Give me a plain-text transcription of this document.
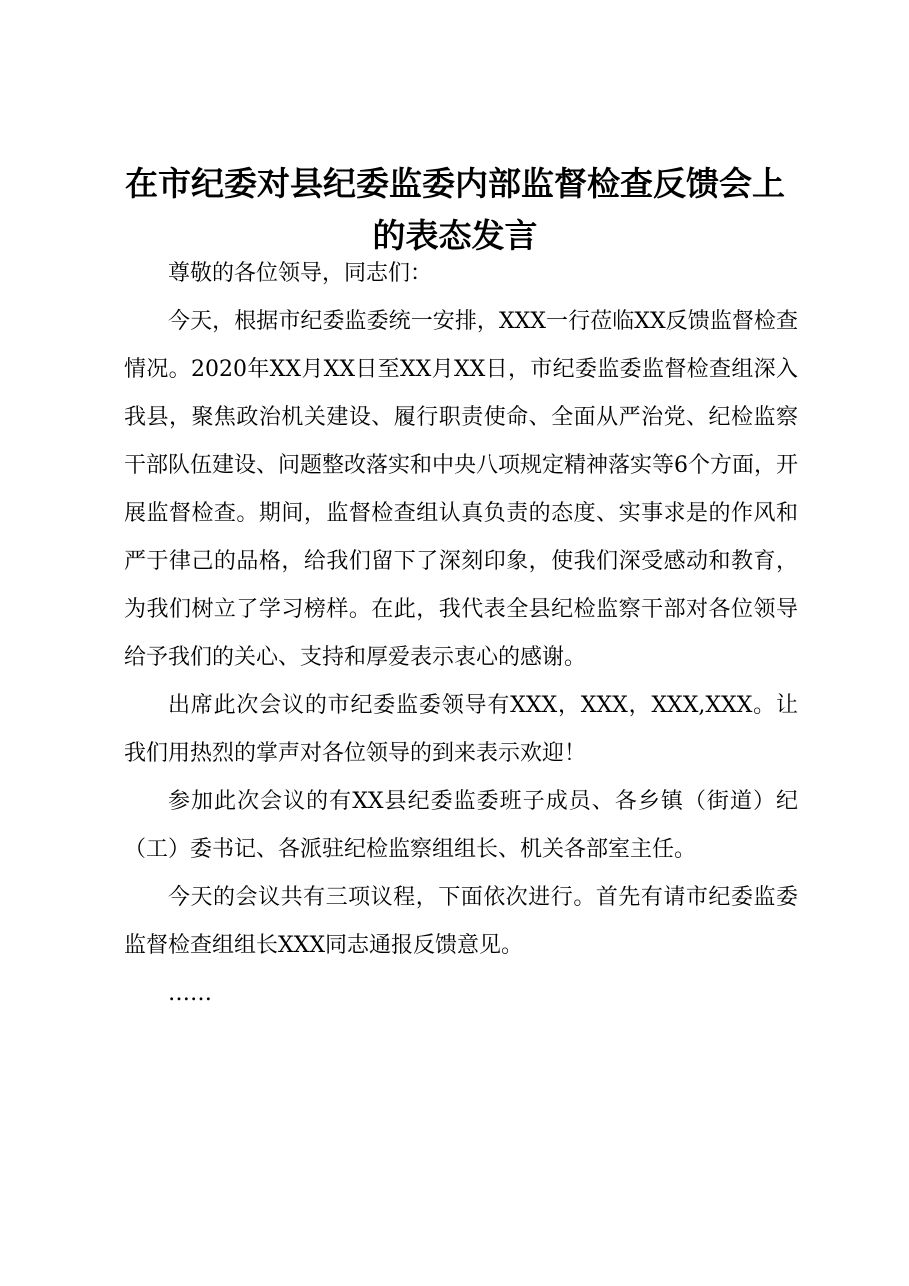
在市纪委对县纪委监委内部监督检查反馈会上
的表态发言

尊敬的各位领导，同志们：

今天，根据市纪委监委统一安排，XXX一行莅临XX反馈监督检查情况。2020年XX月XX日至XX月XX日，市纪委监委监督检查组深入我县，聚焦政治机关建设、履行职责使命、全面从严治党、纪检监察干部队伍建设、问题整改落实和中央八项规定精神落实等6个方面，开展监督检查。期间，监督检查组认真负责的态度、实事求是的作风和严于律己的品格，给我们留下了深刻印象，使我们深受感动和教育，为我们树立了学习榜样。在此，我代表全县纪检监察干部对各位领导给予我们的关心、支持和厚爱表示衷心的感谢。

出席此次会议的市纪委监委领导有XXX，XXX，XXX,XXX。让我们用热烈的掌声对各位领导的到来表示欢迎！

参加此次会议的有XX县纪委监委班子成员、各乡镇（街道）纪（工）委书记、各派驻纪检监察组组长、机关各部室主任。

今天的会议共有三项议程，下面依次进行。首先有请市纪委监委监督检查组组长XXX同志通报反馈意见。

……
